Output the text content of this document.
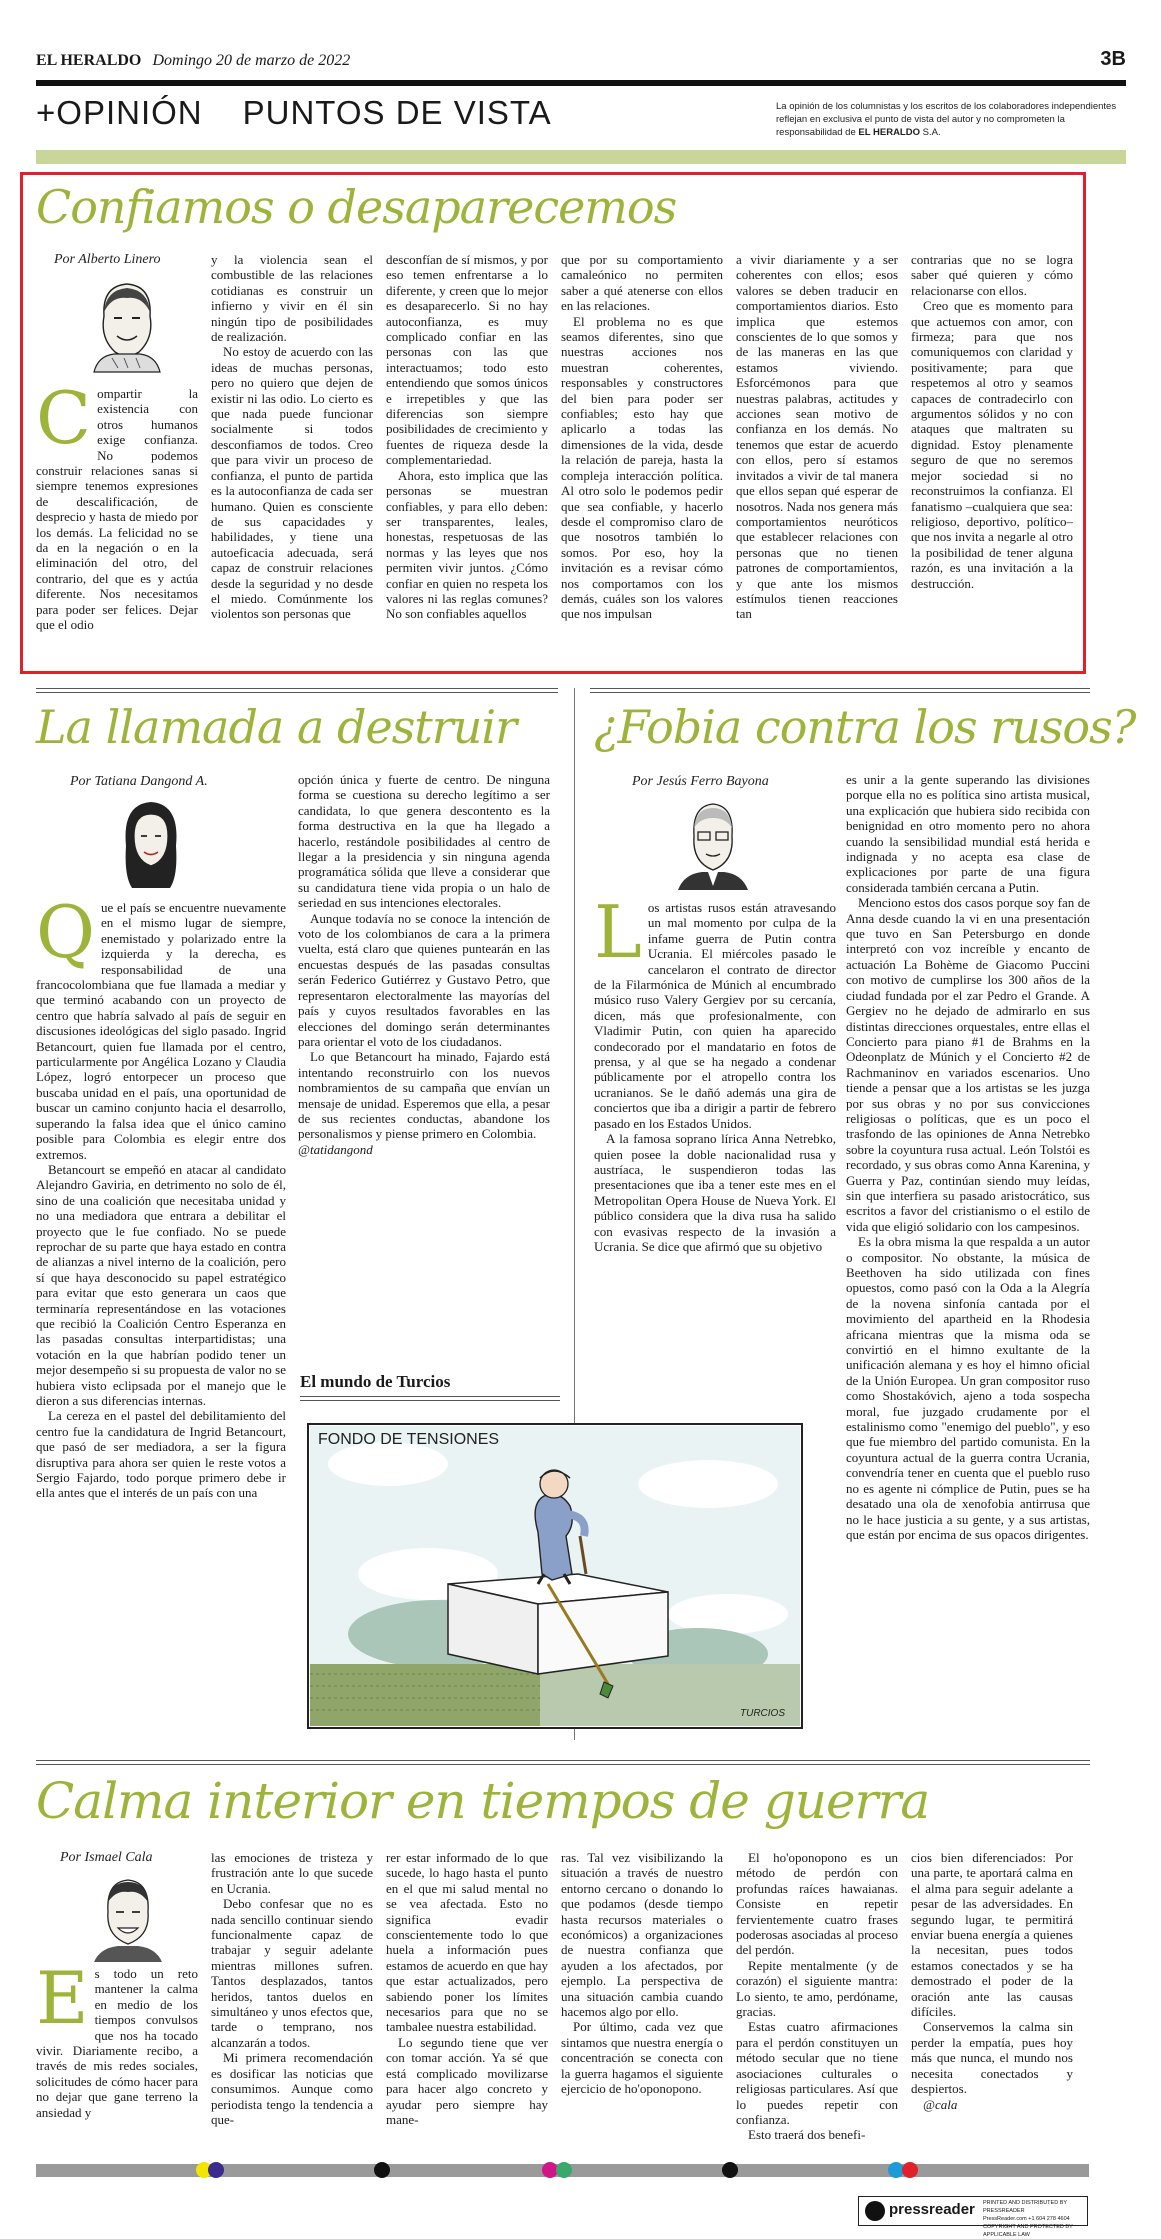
EL HERALDO Domingo 20 de marzo de 2022	3B
+OPINIÓN PUNTOS DE VISTA	La opinión de los columnistas y los escritos de los colaboradores independientes reflejan en exclusiva el punto de vista del autor y no comprometen la responsabilidad de EL HERALDO S.A.
Confiamos o desaparecemos
Por Alberto Linero

Compartir la existencia con otros humanos exige confianza. No podemos construir relaciones sanas si siempre tenemos expresiones de descalificación, de desprecio y hasta de miedo por los demás. La felicidad no se da en la negación o en la eliminación del otro, del contrario, del que es y actúa diferente. Nos necesitamos para poder ser felices. Dejar que el odio

y la violencia sean el combustible de las relaciones cotidianas es construir un infierno y vivir en él sin ningún tipo de posibilidades de realización.

No estoy de acuerdo con las ideas de muchas personas, pero no quiero que dejen de existir ni las odio. Lo cierto es que nada puede funcionar socialmente si todos desconfiamos de todos. Creo que para vivir un proceso de confianza, el punto de partida es la autoconfianza de cada ser humano. Quien es consciente de sus capacidades y habilidades, y tiene una autoeficacia adecuada, será capaz de construir relaciones desde la seguridad y no desde el miedo. Comúnmente los violentos son personas que

desconfían de sí mismos, y por eso temen enfrentarse a lo diferente, y creen que lo mejor es desaparecerlo. Si no hay autoconfianza, es muy complicado confiar en las personas con las que interactuamos; todo esto entendiendo que somos únicos e irrepetibles y que las diferencias son siempre posibilidades de crecimiento y fuentes de riqueza desde la complementariedad.

Ahora, esto implica que las personas se muestran confiables, y para ello deben: ser transparentes, leales, honestas, respetuosas de las normas y las leyes que nos permiten vivir juntos. ¿Cómo confiar en quien no respeta los valores ni las reglas comunes? No son confiables aquellos

que por su comportamiento camaleónico no permiten saber a qué atenerse con ellos en las relaciones.

El problema no es que seamos diferentes, sino que nuestras acciones nos muestran coherentes, responsables y constructores del bien para poder ser confiables; esto hay que aplicarlo a todas las dimensiones de la vida, desde la relación de pareja, hasta la compleja interacción política. Al otro solo le podemos pedir que sea confiable, y hacerlo desde el compromiso claro de que nosotros también lo somos. Por eso, hoy la invitación es a revisar cómo nos comportamos con los demás, cuáles son los valores que nos impulsan

a vivir diariamente y a ser coherentes con ellos; esos valores se deben traducir en comportamientos diarios. Esto implica que estemos conscientes de lo que somos y de las maneras en las que estamos viviendo. Esforcémonos para que nuestras palabras, actitudes y acciones sean motivo de confianza en los demás. No tenemos que estar de acuerdo con ellos, pero sí estamos invitados a vivir de tal manera que ellos sepan qué esperar de nosotros. Nada nos genera más comportamientos neuróticos que establecer relaciones con personas que no tienen patrones de comportamientos, y que ante los mismos estímulos tienen reacciones tan

contrarias que no se logra saber qué quieren y cómo relacionarse con ellos.

Creo que es momento para que actuemos con amor, con firmeza; para que nos comuniquemos con claridad y positivamente; para que respetemos al otro y seamos capaces de contradecirlo con argumentos sólidos y no con ataques que maltraten su dignidad. Estoy plenamente seguro de que no seremos mejor sociedad si no reconstruimos la confianza. El fanatismo –cualquiera que sea: religioso, deportivo, político– que nos invita a negarle al otro la posibilidad de tener alguna razón, es una invitación a la destrucción.

La llamada a destruir
Por Tatiana Dangond A.

Que el país se encuentre nuevamente en el mismo lugar de siempre, enemistado y polarizado entre la izquierda y la derecha, es responsabilidad de una francocolombiana que fue llamada a mediar y que terminó acabando con un proyecto de centro que habría salvado al país de seguir en discusiones ideológicas del siglo pasado. Ingrid Betancourt, quien fue llamada por el centro, particularmente por Angélica Lozano y Claudia López, logró entorpecer un proceso que buscaba unidad en el país, una oportunidad de buscar un camino conjunto hacia el desarrollo, superando la falsa idea que el único camino posible para Colombia es elegir entre dos extremos.

Betancourt se empeñó en atacar al candidato Alejandro Gaviria, en detrimento no solo de él, sino de una coalición que necesitaba unidad y no una mediadora que entrara a debilitar el proyecto que le fue confiado. No se puede reprochar de su parte que haya estado en contra de alianzas a nivel interno de la coalición, pero sí que haya desconocido su papel estratégico para evitar que esto generara un caos que terminaría representándose en las votaciones que recibió la Coalición Centro Esperanza en las pasadas consultas interpartidistas; una votación en la que habrían podido tener un mejor desempeño si su propuesta de valor no se hubiera visto eclipsada por el manejo que le dieron a sus diferencias internas.

La cereza en el pastel del debilitamiento del centro fue la candidatura de Ingrid Betancourt, que pasó de ser mediadora, a ser la figura disruptiva para ahora ser quien le reste votos a Sergio Fajardo, todo porque primero debe ir ella antes que el interés de un país con una

opción única y fuerte de centro. De ninguna forma se cuestiona su derecho legítimo a ser candidata, lo que genera descontento es la forma destructiva en la que ha llegado a hacerlo, restándole posibilidades al centro de llegar a la presidencia y sin ninguna agenda programática sólida que lleve a considerar que su candidatura tiene vida propia o un halo de seriedad en sus intenciones electorales.

Aunque todavía no se conoce la intención de voto de los colombianos de cara a la primera vuelta, está claro que quienes puntearán en las encuestas después de las pasadas consultas serán Federico Gutiérrez y Gustavo Petro, que representaron electoralmente las mayorías del país y cuyos resultados favorables en las elecciones del domingo serán determinantes para orientar el voto de los ciudadanos.

Lo que Betancourt ha minado, Fajardo está intentando reconstruirlo con los nuevos nombramientos de su campaña que envían un mensaje de unidad. Esperemos que ella, a pesar de sus recientes conductas, abandone los personalismos y piense primero en Colombia.

@tatidangond

El mundo de Turcios
FONDO DE TENSIONES
TURCIOS
¿Fobia contra los rusos?
Por Jesús Ferro Bayona

Los artistas rusos están atravesando un mal momento por culpa de la infame guerra de Putin contra Ucrania. El miércoles pasado le cancelaron el contrato de director de la Filarmónica de Múnich al encumbrado músico ruso Valery Gergiev por su cercanía, dicen, más que profesionalmente, con Vladimir Putin, con quien ha aparecido condecorado por el mandatario en fotos de prensa, y al que se ha negado a condenar públicamente por el atropello contra los ucranianos. Se le dañó además una gira de conciertos que iba a dirigir a partir de febrero pasado en los Estados Unidos.

A la famosa soprano lírica Anna Netrebko, quien posee la doble nacionalidad rusa y austríaca, le suspendieron todas las presentaciones que iba a tener este mes en el Metropolitan Opera House de Nueva York. El público considera que la diva rusa ha salido con evasivas respecto de la invasión a Ucrania. Se dice que afirmó que su objetivo

es unir a la gente superando las divisiones porque ella no es política sino artista musical, una explicación que hubiera sido recibida con benignidad en otro momento pero no ahora cuando la sensibilidad mundial está herida e indignada y no acepta esa clase de explicaciones por parte de una figura considerada también cercana a Putin.

Menciono estos dos casos porque soy fan de Anna desde cuando la vi en una presentación que tuvo en San Petersburgo en donde interpretó con voz increíble y encanto de actuación La Bohème de Giacomo Puccini con motivo de cumplirse los 300 años de la ciudad fundada por el zar Pedro el Grande. A Gergiev no he dejado de admirarlo en sus distintas direcciones orquestales, entre ellas el Concierto para piano #1 de Brahms en la Odeonplatz de Múnich y el Concierto #2 de Rachmaninov en variados escenarios. Uno tiende a pensar que a los artistas se les juzga por sus obras y no por sus convicciones religiosas o políticas, que es un poco el trasfondo de las opiniones de Anna Netrebko sobre la coyuntura rusa actual. León Tolstói es recordado, y sus obras como Anna Karenina, y Guerra y Paz, continúan siendo muy leídas, sin que interfiera su pasado aristocrático, sus escritos a favor del cristianismo o el estilo de vida que eligió solidario con los campesinos.

Es la obra misma la que respalda a un autor o compositor. No obstante, la música de Beethoven ha sido utilizada con fines opuestos, como pasó con la Oda a la Alegría de la novena sinfonía cantada por el movimiento del apartheid en la Rhodesia africana mientras que la misma oda se convirtió en el himno exultante de la unificación alemana y es hoy el himno oficial de la Unión Europea. Un gran compositor ruso como Shostakóvich, ajeno a toda sospecha moral, fue juzgado crudamente por el estalinismo como "enemigo del pueblo", y eso que fue miembro del partido comunista. En la coyuntura actual de la guerra contra Ucrania, convendría tener en cuenta que el pueblo ruso no es agente ni cómplice de Putin, pues se ha desatado una ola de xenofobia antirrusa que no le hace justicia a su gente, y a sus artistas, que están por encima de sus opacos dirigentes.

Calma interior en tiempos de guerra
Por Ismael Cala

Es todo un reto mantener la calma en medio de los tiempos convulsos que nos ha tocado vivir. Diariamente recibo, a través de mis redes sociales, solicitudes de cómo hacer para no dejar que gane terreno la ansiedad y

las emociones de tristeza y frustración ante lo que sucede en Ucrania.

Debo confesar que no es nada sencillo continuar siendo funcionalmente capaz de trabajar y seguir adelante mientras millones sufren. Tantos desplazados, tantos heridos, tantos duelos en simultáneo y unos efectos que, tarde o temprano, nos alcanzarán a todos.

Mi primera recomendación es dosificar las noticias que consumimos. Aunque como periodista tengo la tendencia a que-

rer estar informado de lo que sucede, lo hago hasta el punto en el que mi salud mental no se vea afectada. Esto no significa evadir conscientemente todo lo que huela a información pues estamos de acuerdo en que hay que estar actualizados, pero sabiendo poner los límites necesarios para que no se tambalee nuestra estabilidad.

Lo segundo tiene que ver con tomar acción. Ya sé que está complicado movilizarse para hacer algo concreto y ayudar pero siempre hay mane-

ras. Tal vez visibilizando la situación a través de nuestro entorno cercano o donando lo que podamos (desde tiempo hasta recursos materiales o económicos) a organizaciones de nuestra confianza que ayuden a los afectados, por ejemplo. La perspectiva de una situación cambia cuando hacemos algo por ello.

Por último, cada vez que sintamos que nuestra energía o concentración se conecta con la guerra hagamos el siguiente ejercicio de ho'oponopono.

El ho'oponopono es un método de perdón con profundas raíces hawaianas. Consiste en repetir fervientemente cuatro frases poderosas asociadas al proceso del perdón.

Repite mentalmente (y de corazón) el siguiente mantra: Lo siento, te amo, perdóname, gracias.

Estas cuatro afirmaciones para el perdón constituyen un método secular que no tiene asociaciones culturales o religiosas particulares. Así que lo puedes repetir con confianza.

Esto traerá dos benefi-

cios bien diferenciados: Por una parte, te aportará calma en el alma para seguir adelante a pesar de las adversidades. En segundo lugar, te permitirá enviar buena energía a quienes la necesitan, pues todos estamos conectados y se ha demostrado el poder de la oración ante las causas difíciles.

Conservemos la calma sin perder la empatía, pues hoy más que nunca, el mundo nos necesita conectados y despiertos.

@cala

pressreader PRINTED AND DISTRIBUTED BY PRESSREADER
PressReader.com +1 604 278 4604
COPYRIGHT AND PROTECTED BY APPLICABLE LAW
